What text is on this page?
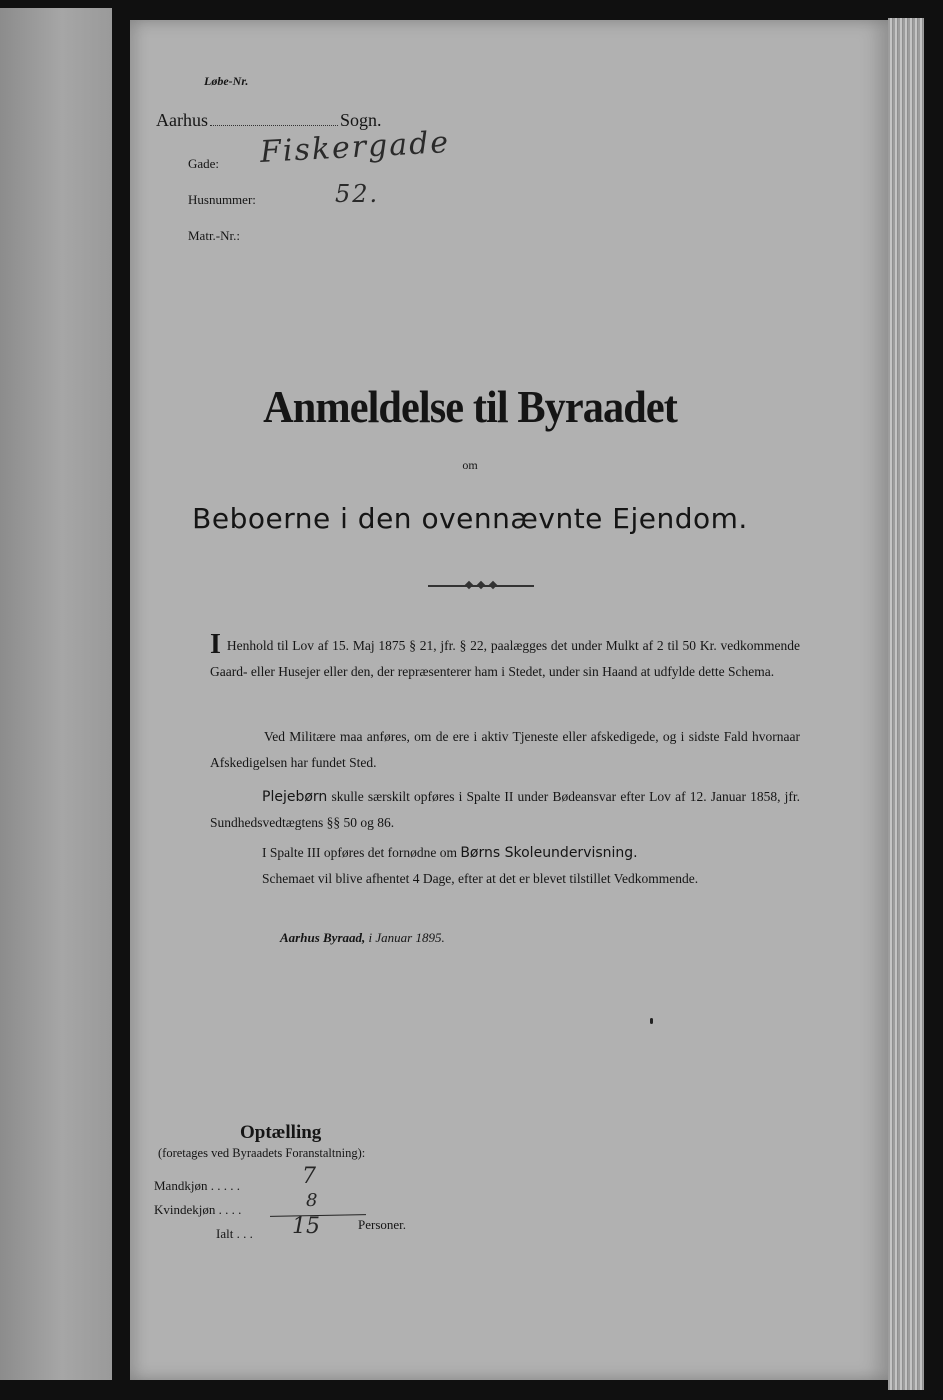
Løbe-Nr.
Aarhus	Sogn.
Gade: Fiskergade
Husnummer:	52.
Matr.-Nr.:
Anmeldelse til Byraadet
om
Beboerne i den ovennævnte Ejendom.
I Henhold til Lov af 15. Maj 1875 § 21, jfr. § 22, paalægges det under Mulkt af 2 til 50 Kr. vedkommende Gaard- eller Husejer eller den, der repræsenterer ham i Stedet, under sin Haand at udfylde dette Schema.
Ved Militære maa anføres, om de ere i aktiv Tjeneste eller afskedigede, og i sidste Fald hvornaar Afskedigelsen har fundet Sted.
Plejebørn skulle særskilt opføres i Spalte II under Bødeansvar efter Lov af 12. Januar 1858, jfr. Sundhedsvedtægtens §§ 50 og 86.
I Spalte III opføres det fornødne om Børns Skoleundervisning.
Schemaet vil blive afhentet 4 Dage, efter at det er blevet tilstillet Vedkommende.
Aarhus Byraad, i Januar 1895.
Optælling
(foretages ved Byraadets Foranstaltning):
Mandkjøn . . . . .	7
Kvindekjøn . . . .	8
Ialt . . . 15	Personer.
